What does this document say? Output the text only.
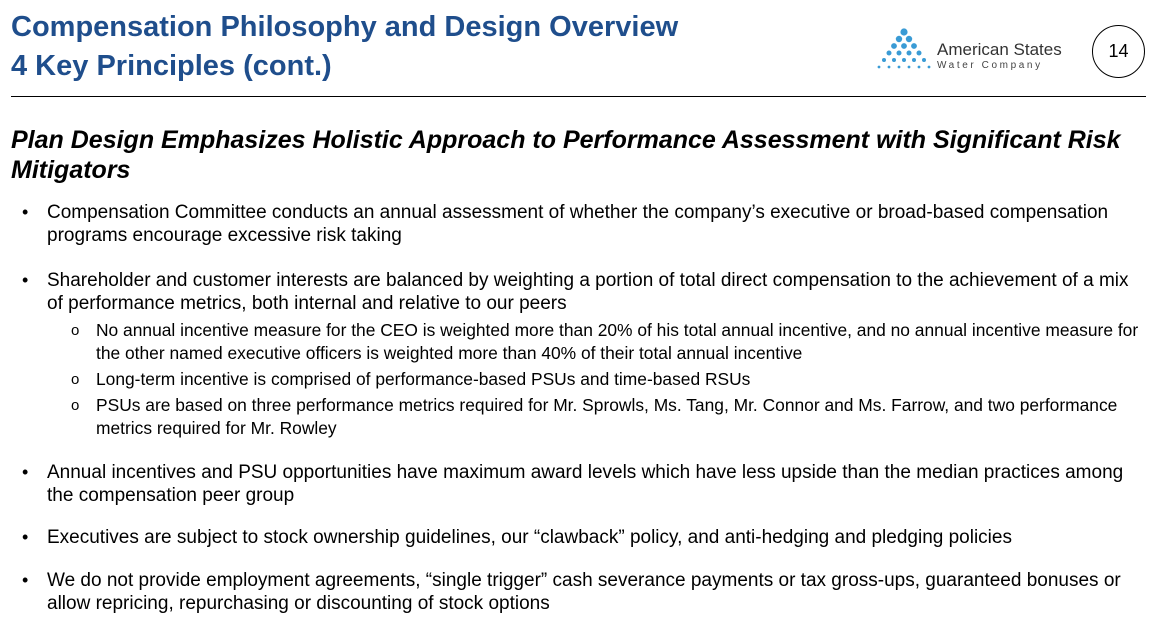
Compensation Philosophy and Design Overview
4 Key Principles (cont.)
American States
Water Company
14
Plan Design Emphasizes Holistic Approach to Performance Assessment with Significant Risk Mitigators
• Compensation Committee conducts an annual assessment of whether the company’s executive or broad-based compensation programs encourage excessive risk taking
• Shareholder and customer interests are balanced by weighting a portion of total direct compensation to the achievement of a mix of performance metrics, both internal and relative to our peers
o No annual incentive measure for the CEO is weighted more than 20% of his total annual incentive, and no annual incentive measure for the other named executive officers is weighted more than 40% of their total annual incentive
o Long-term incentive is comprised of performance-based PSUs and time-based RSUs
o PSUs are based on three performance metrics required for Mr. Sprowls, Ms. Tang, Mr. Connor and Ms. Farrow, and two performance metrics required for Mr. Rowley
• Annual incentives and PSU opportunities have maximum award levels which have less upside than the median practices among the compensation peer group
• Executives are subject to stock ownership guidelines, our “clawback” policy, and anti-hedging and pledging policies
• We do not provide employment agreements, “single trigger” cash severance payments or tax gross-ups, guaranteed bonuses or allow repricing, repurchasing or discounting of stock options
